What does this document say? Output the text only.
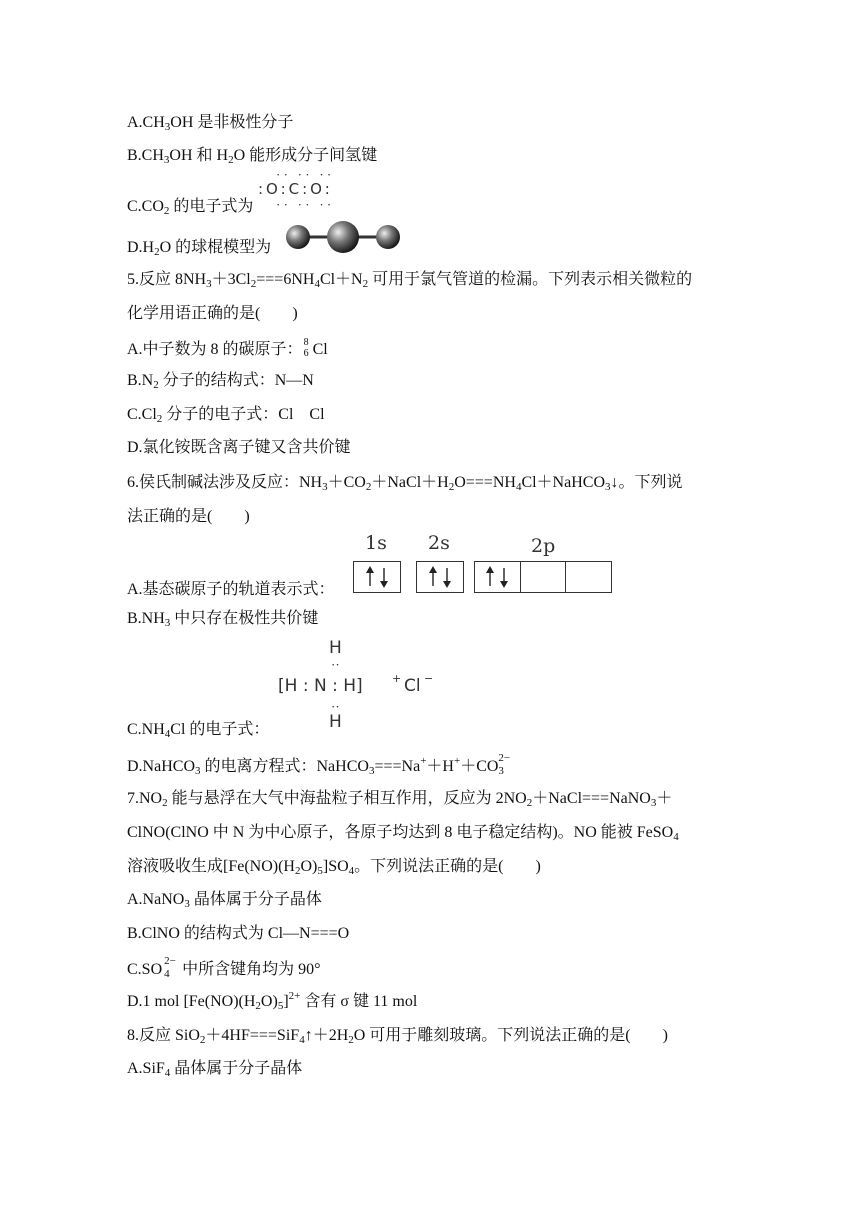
$A.CH_3OH$ 是非极性分子
$B.CH_3OH$ 和 $H_2O$ 能形成分子间氢键
$C.CO_2$ 的电子式为
· ·   · ·   · ·
:O:C:O:
· ·   · ·   · ·
$D.H_2O$ 的球棍模型为
5.反应 $8NH_3+3Cl_2===6NH_4Cl+N_2$ 可用于氯气管道的检漏。下列表示相关微粒的
化学用语正确的是(　　)
A.中子数为 8 的碳原子： 8
6 Cl
$B.N_2$ 分子的结构式：N—N
$C.Cl_2$ 分子的电子式：Cl　Cl
D.氯化铵既含离子键又含共价键
6.侯氏制碱法涉及反应：$NH_3+CO_2+NaCl+H_2O===NH_4Cl+NaHCO_3↓$。下列说
法正确的是(　　)
1s 2s	2p
A.基态碳原子的轨道表示式：
$B.NH_3$ 中只存在极性共价键
H
··
[H : N : H]	+ Cl −
··
H
$C.NH_4Cl$ 的电子式：
D.NaHCO$_3$ 的电离方程式：NaHCO$_3$===Na+＋H+＋CO 2−
3
$7.NO_2$ 能与悬浮在大气中海盐粒子相互作用，反应为 $2NO_2+NaCl===NaNO_3+$
ClNO(ClNO 中 N 为中心原子，各原子均达到 8 电子稳定结构)。NO 能被 FeSO$_4$
溶液吸收生成$[Fe(NO)(H_2O)_5]SO_4$。下列说法正确的是(　　)
A.NaNO$_3$ 晶体属于分子晶体
B.ClNO 的结构式为 Cl—N===O
C.SO 2−
4 中所含键角均为 90°
D.1 mol $[Fe(NO)(H_2O)_5]^{2+}$ 含有 σ 键 11 mol
8.反应 $SiO_2+4HF===SiF_4↑+2H_2O$ 可用于雕刻玻璃。下列说法正确的是(　　)
A.SiF$_4$ 晶体属于分子晶体
